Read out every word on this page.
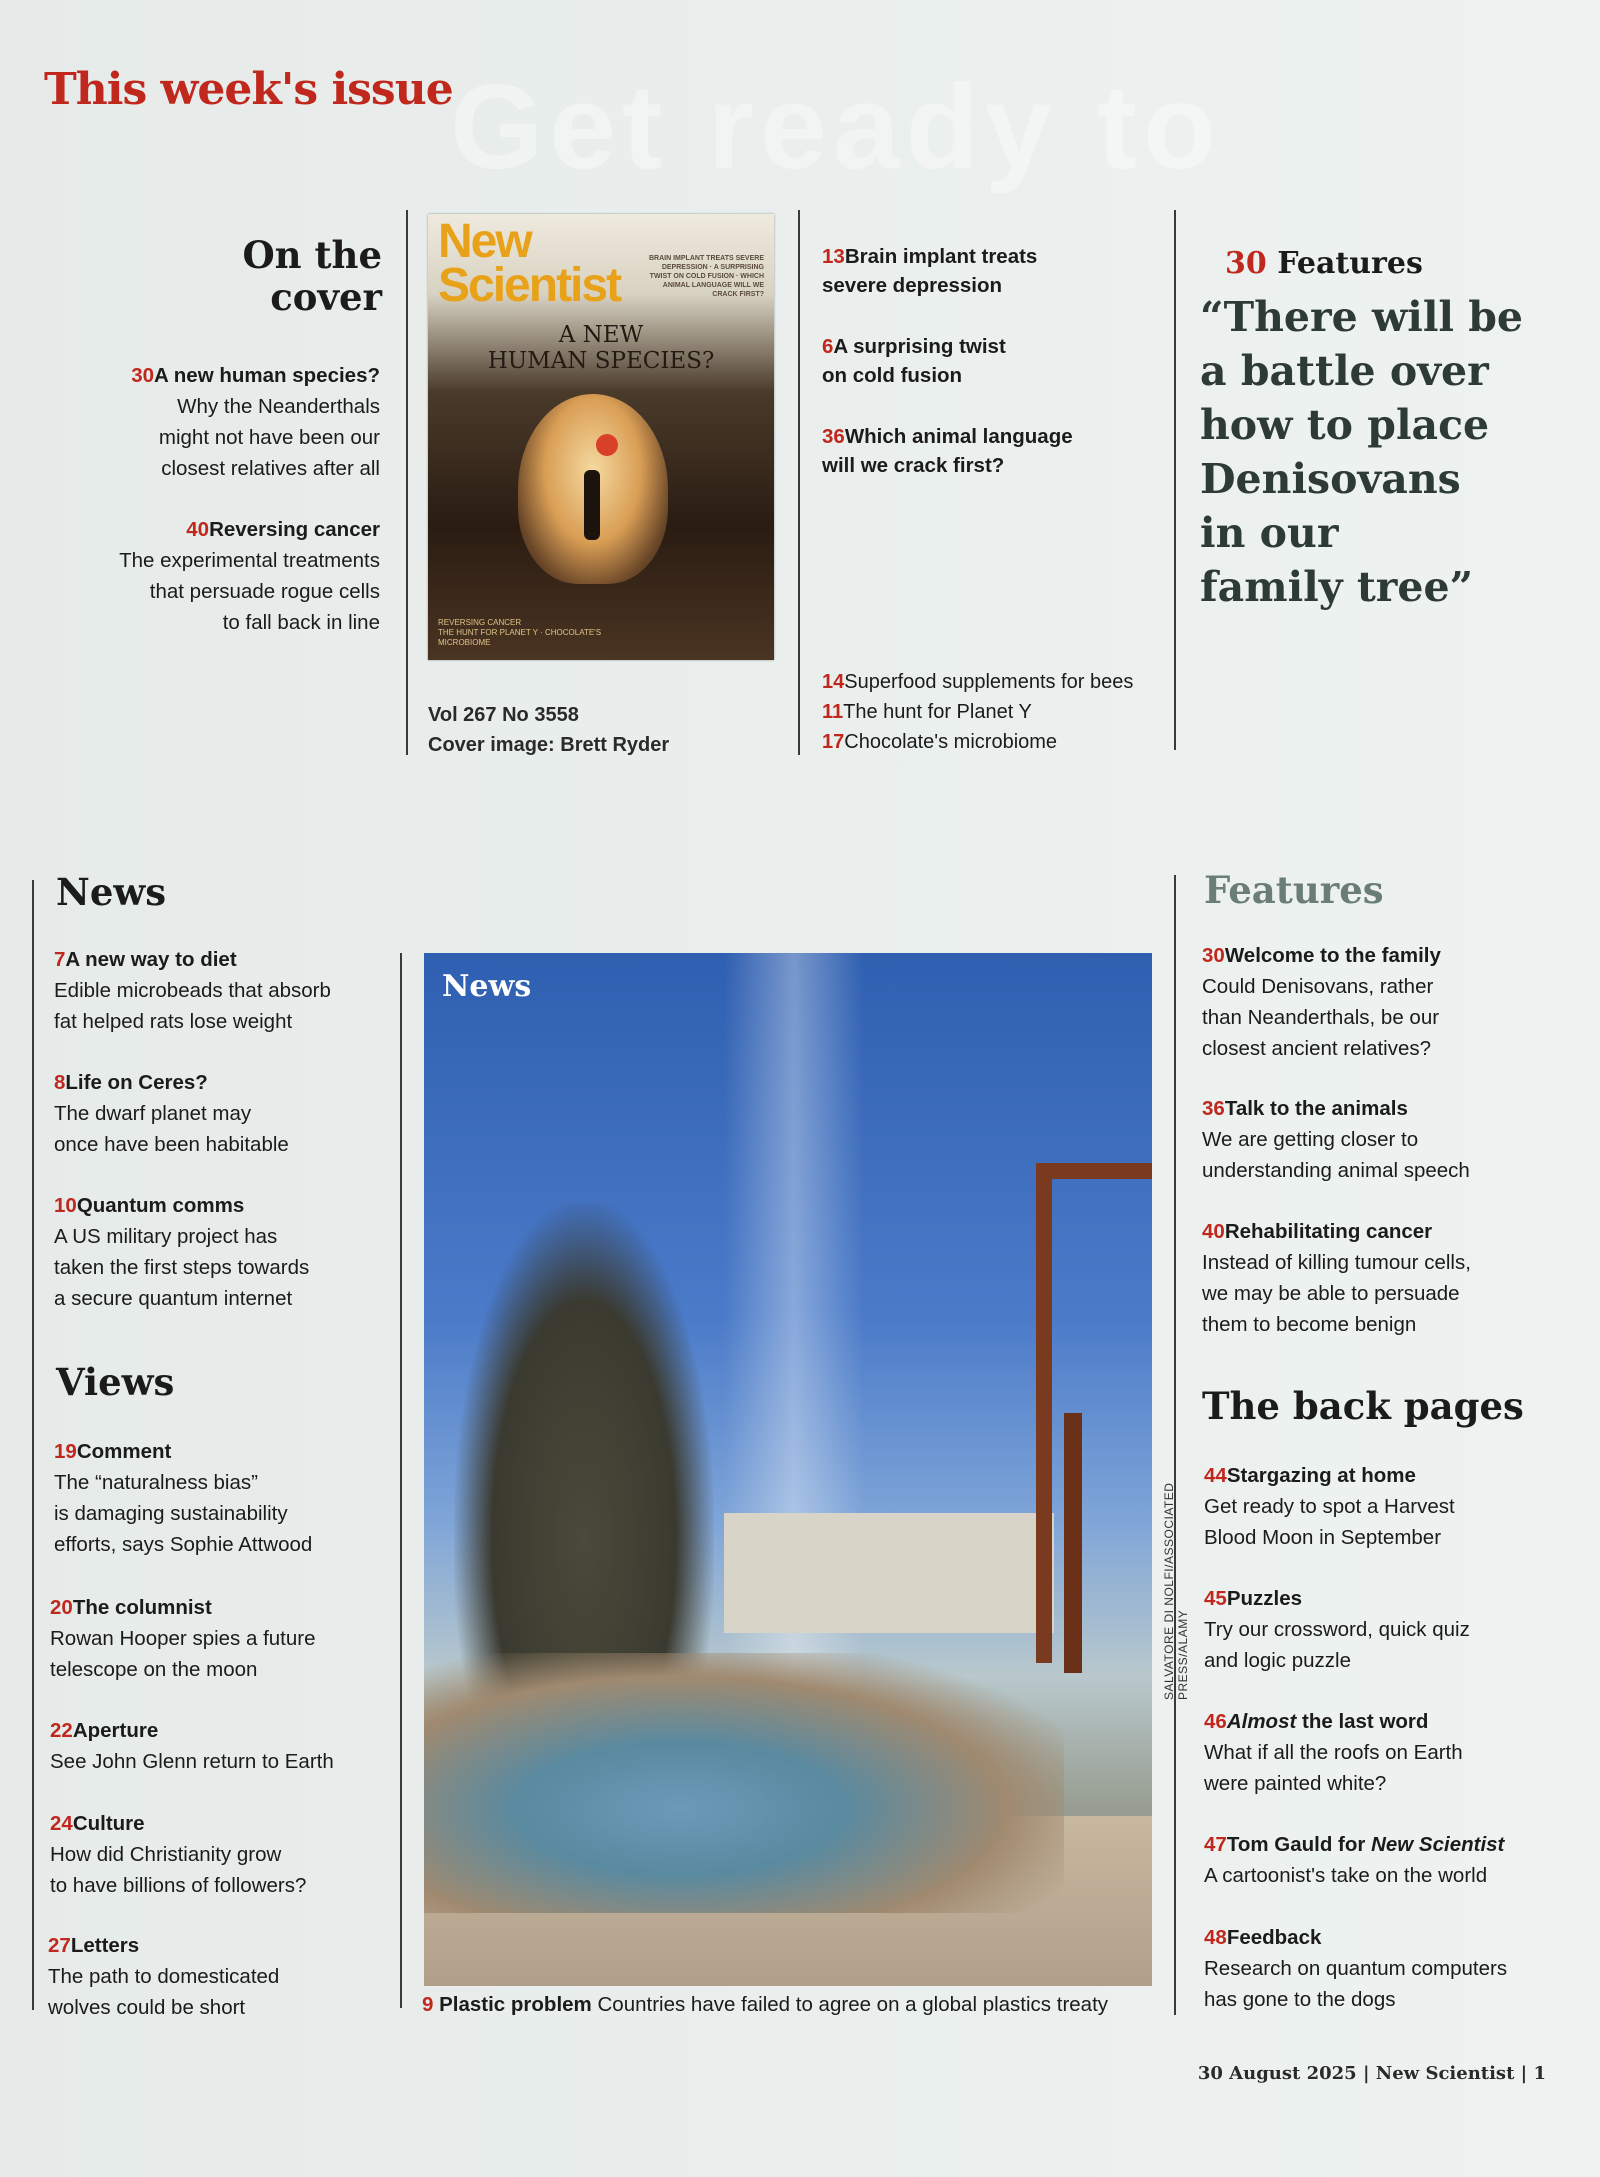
This week's issue
Get ready to
On the
cover
30A new human species?
Why the Neanderthals
might not have been our
closest relatives after all
40Reversing cancer
The experimental treatments
that persuade rogue cells
to fall back in line
New
Scientist
BRAIN IMPLANT TREATS SEVERE DEPRESSION · A SURPRISING TWIST ON COLD FUSION · WHICH ANIMAL LANGUAGE WILL WE CRACK FIRST?
A NEW
HUMAN SPECIES?
REVERSING CANCER
THE HUNT FOR PLANET Y · CHOCOLATE'S MICROBIOME
Vol 267 No 3558
Cover image: Brett Ryder
13Brain implant treats
severe depression
6A surprising twist
on cold fusion
36Which animal language
will we crack first?
14Superfood supplements for bees
11The hunt for Planet Y
17Chocolate's microbiome
30 Features
“There will be
a battle over
how to place
Denisovans
in our
family tree”
News
7A new way to diet
Edible microbeads that absorb
fat helped rats lose weight
8Life on Ceres?
The dwarf planet may
once have been habitable
10Quantum comms
A US military project has
taken the first steps towards
a secure quantum internet
Views
19Comment
The “naturalness bias”
is damaging sustainability
efforts, says Sophie Attwood
20The columnist
Rowan Hooper spies a future
telescope on the moon
22Aperture
See John Glenn return to Earth
24Culture
How did Christianity grow
to have billions of followers?
27Letters
The path to domesticated
wolves could be short
News
SALVATORE DI NOLFI/ASSOCIATED PRESS/ALAMY
9 Plastic problem Countries have failed to agree on a global plastics treaty
Features
30Welcome to the family
Could Denisovans, rather
than Neanderthals, be our
closest ancient relatives?
36Talk to the animals
We are getting closer to
understanding animal speech
40Rehabilitating cancer
Instead of killing tumour cells,
we may be able to persuade
them to become benign
The back pages
44Stargazing at home
Get ready to spot a Harvest
Blood Moon in September
45Puzzles
Try our crossword, quick quiz
and logic puzzle
46Almost the last word
What if all the roofs on Earth
were painted white?
47Tom Gauld for New Scientist
A cartoonist's take on the world
48Feedback
Research on quantum computers
has gone to the dogs
30 August 2025 | New Scientist | 1
